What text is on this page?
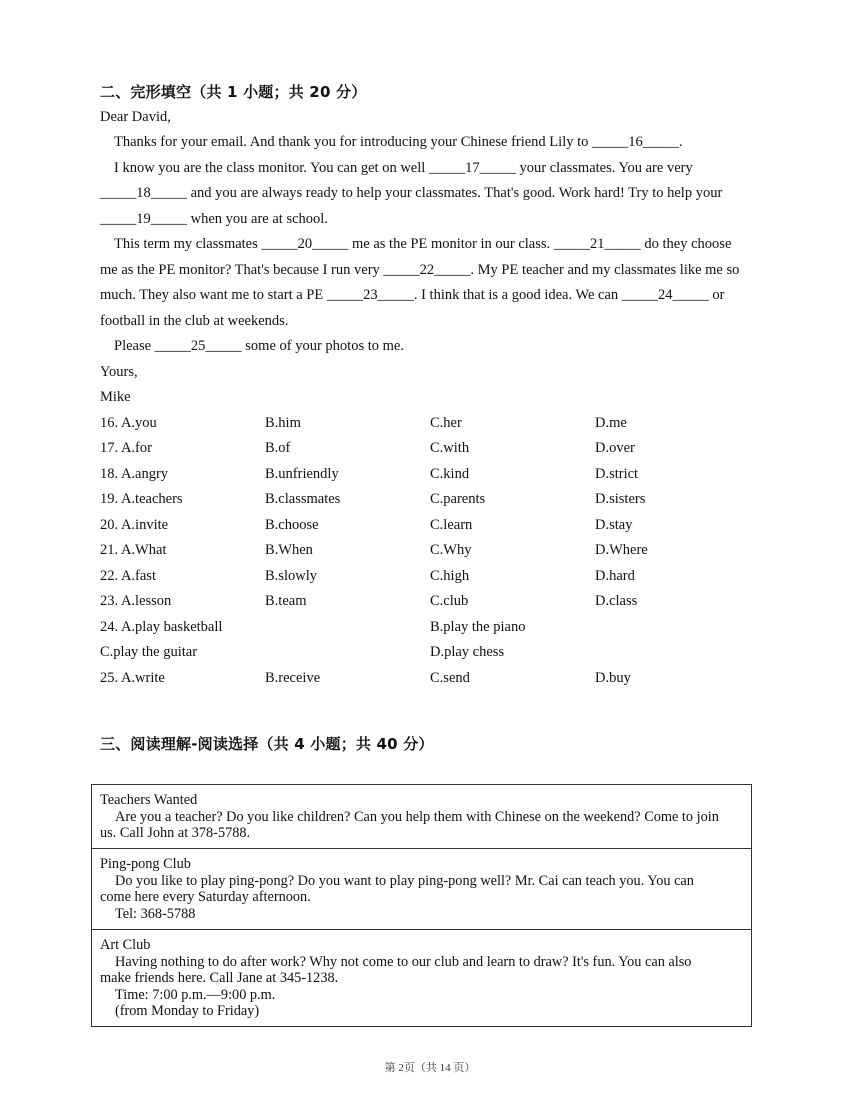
二、完形填空（共 1 小题；共 20 分）
Dear David,
Thanks for your email. And thank you for introducing your Chinese friend Lily to _____16_____.
I know you are the class monitor. You can get on well _____17_____ your classmates. You are very
_____18_____ and you are always ready to help your classmates. That's good. Work hard! Try to help your
_____19_____ when you are at school.
This term my classmates _____20_____ me as the PE monitor in our class. _____21_____ do they choose
me as the PE monitor? That's because I run very _____22_____. My PE teacher and my classmates like me so
much. They also want me to start a PE _____23_____. I think that is a good idea. We can _____24_____ or
football in the club at weekends.
Please _____25_____ some of your photos to me.
Yours,
Mike
16. A.you	B.him	C.her	D.me
17. A.for	B.of	C.with	D.over
18. A.angry	B.unfriendly	C.kind	D.strict
19. A.teachers	B.classmates	C.parents	D.sisters
20. A.invite	B.choose	C.learn	D.stay
21. A.What	B.When	C.Why	D.Where
22. A.fast	B.slowly	C.high	D.hard
23. A.lesson	B.team	C.club	D.class
24. A.play basketball	B.play the piano
C.play the guitar	D.play chess
25. A.write	B.receive	C.send	D.buy
三、阅读理解-阅读选择（共 4 小题；共 40 分）
Teachers Wanted
Are you a teacher? Do you like children? Can you help them with Chinese on the weekend? Come to join
us. Call John at 378-5788.
Ping-pong Club
Do you like to play ping-pong? Do you want to play ping-pong well? Mr. Cai can teach you. You can
come here every Saturday afternoon.
Tel: 368-5788
Art Club
Having nothing to do after work? Why not come to our club and learn to draw? It's fun. You can also
make friends here. Call Jane at 345-1238.
Time: 7:00 p.m.—9:00 p.m.
(from Monday to Friday)
第 2页（共 14 页）
